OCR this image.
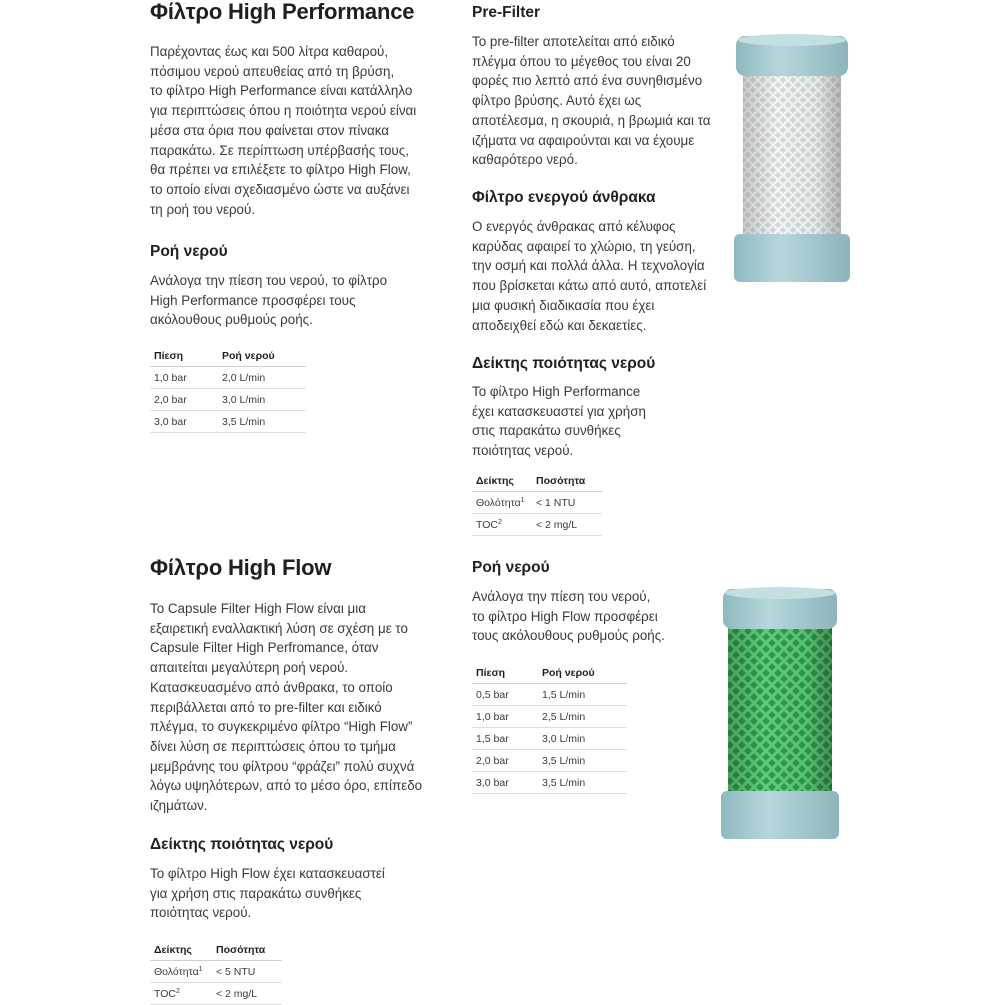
Φίλτρο High Performance

Παρέχοντας έως και 500 λίτρα καθαρού,
πόσιμου νερού απευθείας από τη βρύση,
το φίλτρο High Performance είναι κατάλληλο
για περιπτώσεις όπου η ποιότητα νερού είναι
μέσα στα όρια που φαίνεται στον πίνακα
παρακάτω. Σε περίπτωση υπέρβασής τους,
θα πρέπει να επιλέξετε το φίλτρο High Flow,
το οποίο είναι σχεδιασμένο ώστε να αυξάνει
τη ροή του νερού.

Ροή νερού

Ανάλογα την πίεση του νερού, το φίλτρο
High Performance προσφέρει τους
ακόλουθους ρυθμούς ροής.

Πίεση	Ροή νερού
1,0 bar	2,0 L/min
2,0 bar	3,0 L/min
3,0 bar	3,5 L/min
Pre-Filter

Το pre-filter αποτελείται από ειδικό
πλέγμα όπου το μέγεθος του είναι 20
φορές πιο λεπτό από ένα συνηθισμένο
φίλτρο βρύσης. Αυτό έχει ως
αποτέλεσμα, η σκουριά, η βρωμιά και τα
ιζήματα να αφαιρούνται και να έχουμε
καθαρότερο νερό.

Φίλτρο ενεργού άνθρακα

Ο ενεργός άνθρακας από κέλυφος
καρύδας αφαιρεί το χλώριο, τη γεύση,
την οσμή και πολλά άλλα. Η τεχνολογία
που βρίσκεται κάτω από αυτό, αποτελεί
μια φυσική διαδικασία που έχει
αποδειχθεί εδώ και δεκαετίες.

Δείκτης ποιότητας νερού

Το φίλτρο High Performance
έχει κατασκευαστεί για χρήση
στις παρακάτω συνθήκες
ποιότητας νερού.

Δείκτης	Ποσότητα
Θολότητα$^1$	< 1 NTU
$TOC^2$	< 2 mg/L
Φίλτρο High Flow

Το Capsule Filter High Flow είναι μια
εξαιρετική εναλλακτική λύση σε σχέση με το
Capsule Filter High Perfromance, όταν
απαιτείται μεγαλύτερη ροή νερού.
Κατασκευασμένο από άνθρακα, το οποίο
περιβάλλεται από το pre-filter και ειδικό
πλέγμα, το συγκεκριμένο φίλτρο “High Flow”
δίνει λύση σε περιπτώσεις όπου το τμήμα
μεμβράνης του φίλτρου “φράζει” πολύ συχνά
λόγω υψηλότερων, από το μέσο όρο, επίπεδο
ιζημάτων.

Δείκτης ποιότητας νερού

Το φίλτρο High Flow έχει κατασκευαστεί
για χρήση στις παρακάτω συνθήκες
ποιότητας νερού.

Δείκτης	Ποσότητα
Θολότητα$^1$	< 5 NTU
$TOC^2$	< 2 mg/L
Ροή νερού

Ανάλογα την πίεση του νερού,
το φίλτρο High Flow προσφέρει
τους ακόλουθους ρυθμούς ροής.

Πίεση	Ροή νερού
0,5 bar	1,5 L/min
1,0 bar	2,5 L/min
1,5 bar	3,0 L/min
2,0 bar	3,5 L/min
3,0 bar	3,5 L/min
